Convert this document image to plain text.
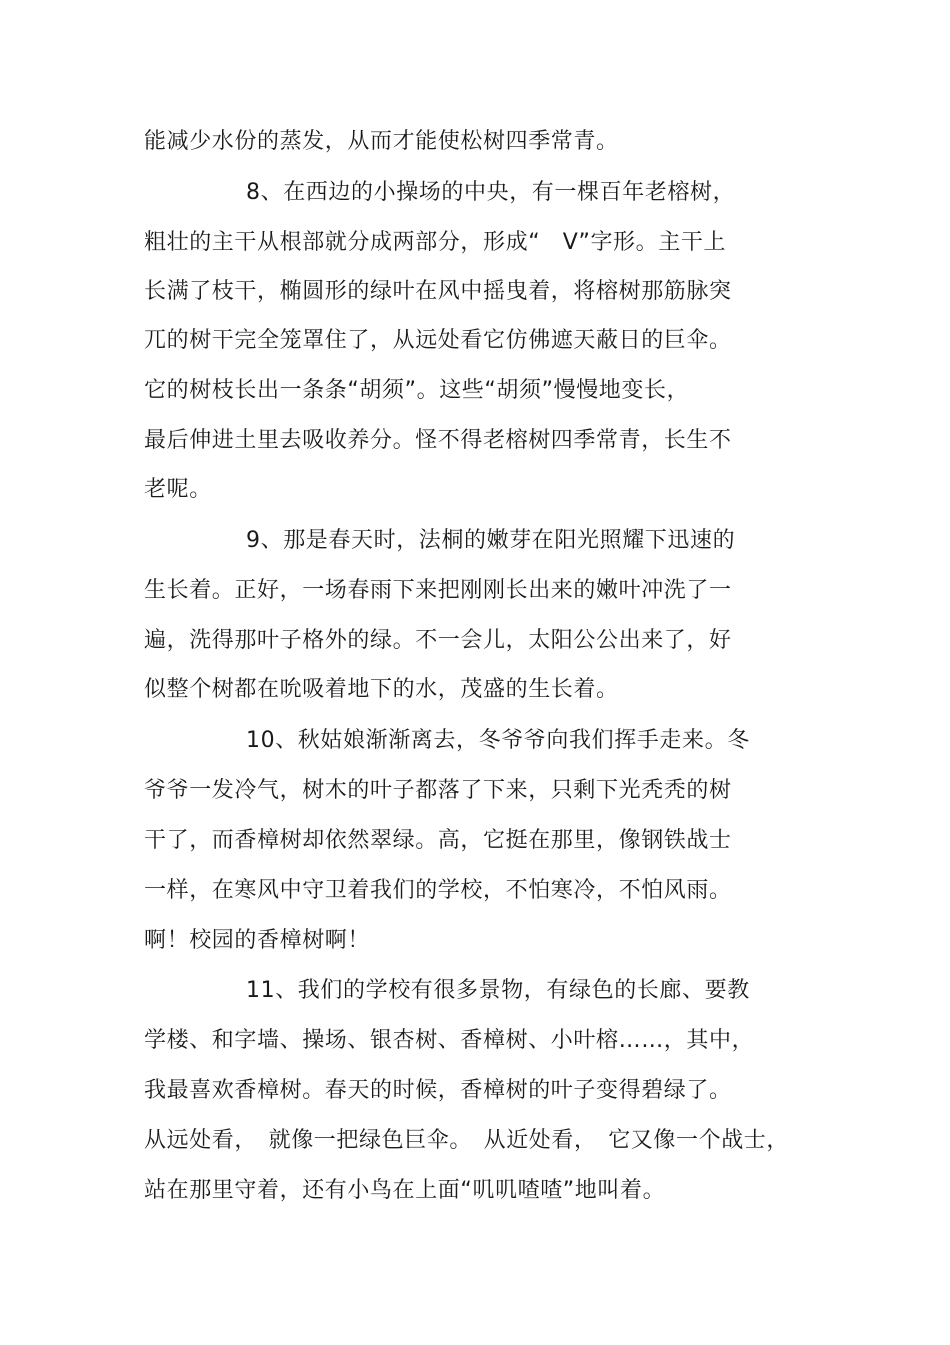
能减少水份的蒸发，从而才能使松树四季常青。
8、在西边的小操场的中央，有一棵百年老榕树，
粗壮的主干从根部就分成两部分，形成“　V”字形。主干上
长满了枝干，椭圆形的绿叶在风中摇曳着，将榕树那筋脉突
兀的树干完全笼罩住了，从远处看它仿佛遮天蔽日的巨伞。
它的树枝长出一条条“胡须”。这些“胡须”慢慢地变长，
最后伸进土里去吸收养分。怪不得老榕树四季常青，长生不
老呢。
9、那是春天时，法桐的嫩芽在阳光照耀下迅速的
生长着。正好，一场春雨下来把刚刚长出来的嫩叶冲洗了一
遍，洗得那叶子格外的绿。不一会儿，太阳公公出来了，好
似整个树都在吮吸着地下的水，茂盛的生长着。
10、秋姑娘渐渐离去，冬爷爷向我们挥手走来。冬
爷爷一发冷气，树木的叶子都落了下来，只剩下光秃秃的树
干了，而香樟树却依然翠绿。高，它挺在那里，像钢铁战士
一样，在寒风中守卫着我们的学校，不怕寒冷，不怕风雨。
啊！校园的香樟树啊！
11、我们的学校有很多景物，有绿色的长廊、要教
学楼、和字墙、操场、银杏树、香樟树、小叶榕……，其中，
我最喜欢香樟树。春天的时候，香樟树的叶子变得碧绿了。
从远处看，　就像一把绿色巨伞。　从近处看，　它又像一个战士，
站在那里守着，还有小鸟在上面“叽叽喳喳”地叫着。
